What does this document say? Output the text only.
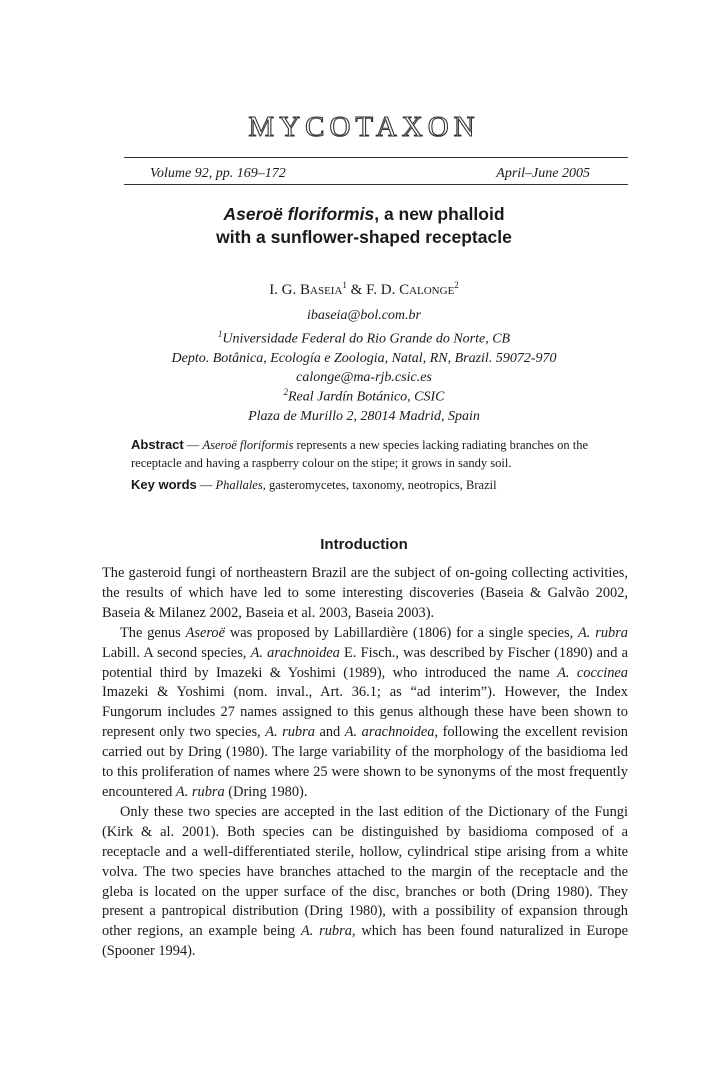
MYCOTAXON
Volume 92, pp. 169–172	April–June 2005
Aseroë floriformis, a new phalloid
with a sunflower-shaped receptacle
I. G. BASEIA$^1$ & F. D. CALONGE$^2$
ibaseia@bol.com.br
$^1$Universidade Federal do Rio Grande do Norte, CB
Depto. Botânica, Ecología e Zoologia, Natal, RN, Brazil. 59072-970
calonge@ma-rjb.csic.es
$^2$Real Jardín Botánico, CSIC
Plaza de Murillo 2, 28014 Madrid, Spain
Abstract — Aseroë floriformis represents a new species lacking radiating branches on the receptacle and having a raspberry colour on the stipe; it grows in sandy soil.
Key words — Phallales, gasteromycetes, taxonomy, neotropics, Brazil
Introduction

The gasteroid fungi of northeastern Brazil are the subject of on-going collecting activities, the results of which have led to some interesting discoveries (Baseia & Galvão 2002, Baseia & Milanez 2002, Baseia et al. 2003, Baseia 2003).

The genus Aseroë was proposed by Labillardière (1806) for a single species, A. rubra Labill. A second species, A. arachnoidea E. Fisch., was described by Fischer (1890) and a potential third by Imazeki & Yoshimi (1989), who introduced the name A. coccinea Imazeki & Yoshimi (nom. inval., Art. 36.1; as “ad interim”). However, the Index Fungorum includes 27 names assigned to this genus although these have been shown to represent only two species, A. rubra and A. arachnoidea, following the excellent revision carried out by Dring (1980). The large variability of the morphology of the basidioma led to this proliferation of names where 25 were shown to be synonyms of the most frequently encountered A. rubra (Dring 1980).

Only these two species are accepted in the last edition of the Dictionary of the Fungi (Kirk & al. 2001). Both species can be distinguished by basidioma composed of a receptacle and a well-differentiated sterile, hollow, cylindrical stipe arising from a white volva. The two species have branches attached to the margin of the receptacle and the gleba is located on the upper surface of the disc, branches or both (Dring 1980). They present a pantropical distribution (Dring 1980), with a possibility of expansion through other regions, an example being A. rubra, which has been found naturalized in Europe (Spooner 1994).
